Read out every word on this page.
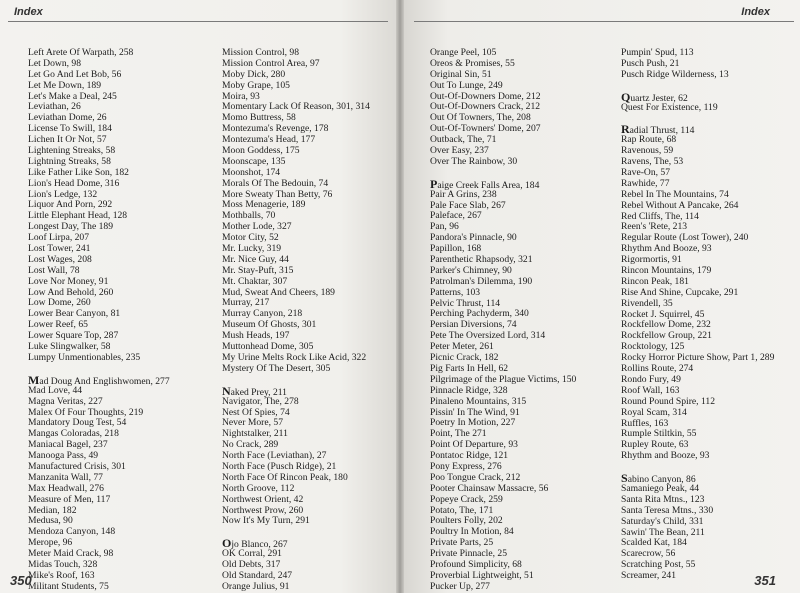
Index
Left Arete Of Warpath, 258
Let Down, 98
Let Go And Let Bob, 56
Let Me Down, 189
Let's Make a Deal, 245
Leviathan, 26
Leviathan Dome, 26
License To Swill, 184
Lichen It Or Not, 57
Lightening Streaks, 58
Lightning Streaks, 58
Like Father Like Son, 182
Lion's Head Dome, 316
Lion's Ledge, 132
Liquor And Porn, 292
Little Elephant Head, 128
Longest Day, The 189
Loof Lirpa, 207
Lost Tower, 241
Lost Wages, 208
Lost Wall, 78
Love Nor Money, 91
Low And Behold, 260
Low Dome, 260
Lower Bear Canyon, 81
Lower Reef, 65
Lower Square Top, 287
Luke Slingwalker, 58
Lumpy Unmentionables, 235
Mad Doug And Englishwomen, 277
Mad Love, 44
Magna Veritas, 227
Malex Of Four Thoughts, 219
Mandatory Doug Test, 54
Mangas Coloradas, 218
Maniacal Bagel, 237
Manooga Pass, 49
Manufactured Crisis, 301
Manzanita Wall, 77
Max Headwall, 276
Measure of Men, 117
Median, 182
Medusa, 90
Mendoza Canyon, 148
Merope, 96
Meter Maid Crack, 98
Midas Touch, 328
Mike's Roof, 163
Militant Students, 75
Mission Control, 98
Mission Control Area, 97
Moby Dick, 280
Moby Grape, 105
Moira, 93
Momentary Lack Of Reason, 301, 314
Momo Buttress, 58
Montezuma's Revenge, 178
Montezuma's Head, 177
Moon Goddess, 175
Moonscape, 135
Moonshot, 174
Morals Of The Bedouin, 74
More Sweaty Than Betty, 76
Moss Menagerie, 189
Mothballs, 70
Mother Lode, 327
Motor City, 52
Mr. Lucky, 319
Mr. Nice Guy, 44
Mr. Stay-Puft, 315
Mt. Chaktar, 307
Mud, Sweat And Cheers, 189
Murray, 217
Murray Canyon, 218
Museum Of Ghosts, 301
Mush Heads, 197
Muttonhead Dome, 305
My Urine Melts Rock Like Acid, 322
Mystery Of The Desert, 305
Naked Prey, 211
Navigator, The, 278
Nest Of Spies, 74
Never More, 57
Nightstalker, 211
No Crack, 289
North Face (Leviathan), 27
North Face (Pusch Ridge), 21
North Face Of Rincon Peak, 180
North Groove, 112
Northwest Orient, 42
Northwest Prow, 260
Now It's My Turn, 291
Ojo Blanco, 267
OK Corral, 291
Old Debts, 317
Old Standard, 247
Orange Julius, 91
350
Index
Orange Peel, 105
Oreos & Promises, 55
Original Sin, 51
Out To Lunge, 249
Out-Of-Downers Dome, 212
Out-Of-Downers Crack, 212
Out Of Towners, The, 208
Out-Of-Towners' Dome, 207
Outback, The, 71
Over Easy, 237
Over The Rainbow, 30
Paige Creek Falls Area, 184
Pair A Grins, 238
Pale Face Slab, 267
Paleface, 267
Pan, 96
Pandora's Pinnacle, 90
Papillon, 168
Parenthetic Rhapsody, 321
Parker's Chimney, 90
Patrolman's Dilemma, 190
Patterns, 103
Pelvic Thrust, 114
Perching Pachyderm, 340
Persian Diversions, 74
Pete The Oversized Lord, 314
Peter Meter, 261
Picnic Crack, 182
Pig Farts In Hell, 62
Pilgrimage of the Plague Victims, 150
Pinnacle Ridge, 328
Pinaleno Mountains, 315
Pissin' In The Wind, 91
Poetry In Motion, 227
Point, The 271
Point Of Departure, 93
Pontatoc Ridge, 121
Pony Express, 276
Poo Tongue Crack, 212
Pooter Chainsaw Massacre, 56
Popeye Crack, 259
Potato, The, 171
Poulters Folly, 202
Poultry In Motion, 84
Private Parts, 25
Private Pinnacle, 25
Profound Simplicity, 68
Proverbial Lightweight, 51
Pucker Up, 277
Pumpin' Spud, 113
Pusch Push, 21
Pusch Ridge Wilderness, 13
Quartz Jester, 62
Quest For Existence, 119
Radial Thrust, 114
Rap Route, 68
Ravenous, 59
Ravens, The, 53
Rave-On, 57
Rawhide, 77
Rebel In The Mountains, 74
Rebel Without A Pancake, 264
Red Cliffs, The, 114
Reen's 'Rete, 213
Regular Route (Lost Tower), 240
Rhythm And Booze, 93
Rigormortis, 91
Rincon Mountains, 179
Rincon Peak, 181
Rise And Shine, Cupcake, 291
Rivendell, 35
Rocket J. Squirrel, 45
Rockfellow Dome, 232
Rockfellow Group, 221
Rocktology, 125
Rocky Horror Picture Show, Part 1, 289
Rollins Route, 274
Rondo Fury, 49
Roof Wall, 163
Round Pound Spire, 112
Royal Scam, 314
Ruffles, 163
Rumple Stiltkin, 55
Rupley Route, 63
Rhythm and Booze, 93
Sabino Canyon, 86
Samaniego Peak, 44
Santa Rita Mtns., 123
Santa Teresa Mtns., 330
Saturday's Child, 331
Sawin' The Bean, 211
Scalded Kat, 184
Scarecrow, 56
Scratching Post, 55
Screamer, 241	351
